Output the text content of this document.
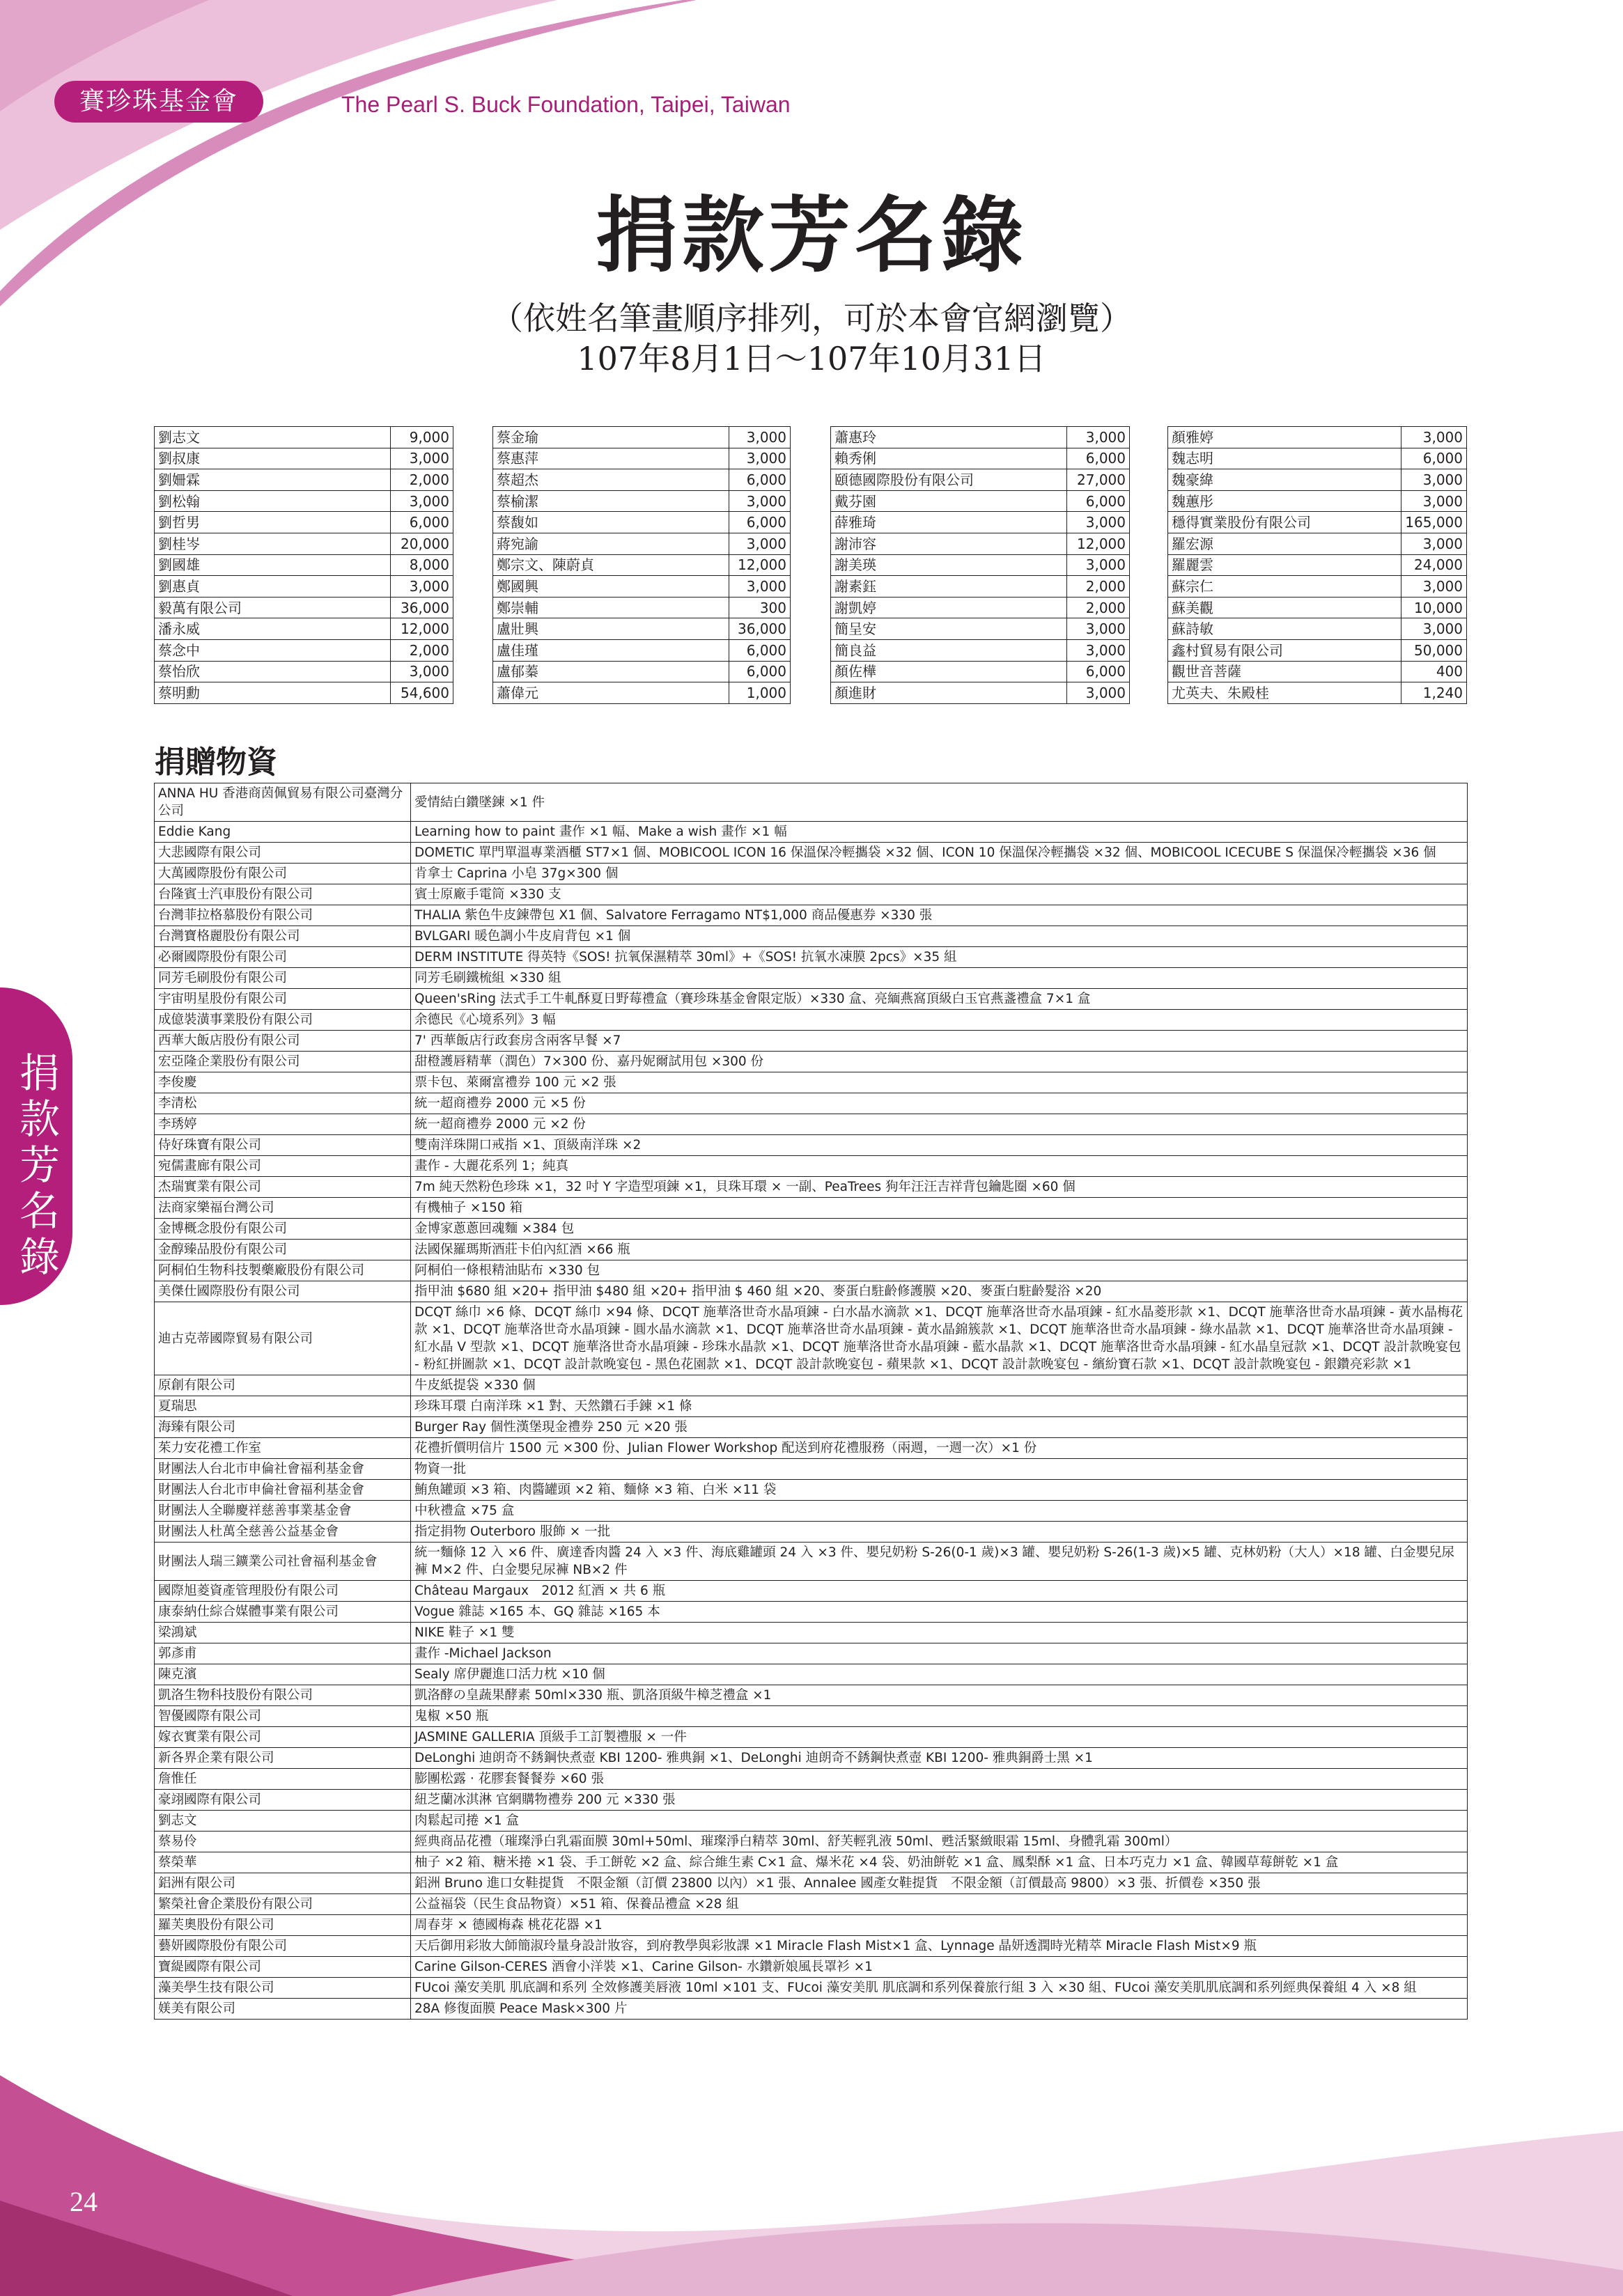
賽珍珠基金會	The Pearl S. Buck Foundation, Taipei, Taiwan
捐款芳名錄
（依姓名筆畫順序排列，可於本會官網瀏覽）
107年8月1日～107年10月31日
劉志文	9,000
劉叔康	3,000
劉姍霖	2,000
劉松翰	3,000
劉哲男	6,000
劉桂岑	20,000
劉國雄	8,000
劉惠貞	3,000
毅萬有限公司	36,000
潘永威	12,000
蔡念中	2,000
蔡怡欣	3,000
蔡明勳	54,600
蔡金瑜	3,000
蔡惠萍	3,000
蔡超杰	6,000
蔡榆潔	3,000
蔡馥如	6,000
蔣宛諭	3,000
鄭宗文、陳蔚貞	12,000
鄭國興	3,000
鄭崇輔	300
盧壯興	36,000
盧佳瑾	6,000
盧郁蓁	6,000
蕭偉元	1,000
蕭惠玲	3,000
賴秀俐	6,000
頤德國際股份有限公司	27,000
戴芬園	6,000
薛雅琦	3,000
謝沛容	12,000
謝美瑛	3,000
謝素鈺	2,000
謝凱婷	2,000
簡呈安	3,000
簡良益	3,000
顏佐樺	6,000
顏進財	3,000
顏雅婷	3,000
魏志明	6,000
魏豪緯	3,000
魏蕙彤	3,000
穩得實業股份有限公司	165,000
羅宏源	3,000
羅麗雲	24,000
蘇宗仁	3,000
蘇美觀	10,000
蘇詩敏	3,000
鑫村貿易有限公司	50,000
觀世音菩薩	400
尤英夫、朱殿桂	1,240
捐贈物資
ANNA HU 香港商茵佩貿易有限公司臺灣分公司	愛情結白鑽墜鍊 ×1 件
Eddie Kang	Learning how to paint 畫作 ×1 幅、Make a wish 畫作 ×1 幅
大悲國際有限公司	DOMETIC 單門單溫專業酒櫃 ST7×1 個、MOBICOOL ICON 16 保溫保冷輕攜袋 ×32 個、ICON 10 保溫保冷輕攜袋 ×32 個、MOBICOOL ICECUBE S 保溫保冷輕攜袋 ×36 個
大萬國際股份有限公司	肯拿士 Caprina 小皂 37g×300 個
台隆賓士汽車股份有限公司	賓士原廠手電筒 ×330 支
台灣菲拉格慕股份有限公司	THALIA 紫色牛皮鍊帶包 X1 個、Salvatore Ferragamo NT$1,000 商品優惠券 ×330 張
台灣寶格麗股份有限公司	BVLGARI 暖色調小牛皮肩背包 ×1 個
必爾國際股份有限公司	DERM INSTITUTE 得英特《SOS! 抗氧保濕精萃 30ml》+《SOS! 抗氧水凍膜 2pcs》×35 組
同芳毛刷股份有限公司	同芳毛刷鐵梳組 ×330 組
宇宙明星股份有限公司	Queen'sRing 法式手工牛軋酥夏日野莓禮盒（賽珍珠基金會限定版）×330 盒、亮緬燕窩頂級白玉官燕盞禮盒 7×1 盒
成億裝潢事業股份有限公司	余德民《心境系列》3 幅
西華大飯店股份有限公司	7' 西華飯店行政套房含兩客早餐 ×7
宏亞隆企業股份有限公司	甜橙護唇精華（潤色）7×300 份、嘉丹妮爾試用包 ×300 份
李俊慶	票卡包、萊爾富禮券 100 元 ×2 張
李清松	統一超商禮券 2000 元 ×5 份
李琇婷	統一超商禮券 2000 元 ×2 份
侍好珠寶有限公司	雙南洋珠開口戒指 ×1、頂級南洋珠 ×2
宛儒畫廊有限公司	畫作 - 大麗花系列 1；純真
杰瑞實業有限公司	7m 純天然粉色珍珠 ×1，32 吋 Y 字造型項鍊 ×1，貝珠耳環 × 一副、PeaTrees 狗年汪汪吉祥背包鑰匙圈 ×60 個
法商家樂福台灣公司	有機柚子 ×150 箱
金博概念股份有限公司	金博家蔥蔥回魂麵 ×384 包
金醇臻品股份有限公司	法國保羅瑪斯酒莊卡伯內紅酒 ×66 瓶
阿桐伯生物科技製藥廠股份有限公司	阿桐伯一條根精油貼布 ×330 包
美傑仕國際股份有限公司	指甲油 $680 組 ×20+ 指甲油 $480 組 ×20+ 指甲油 $ 460 組 ×20、麥蛋白駐齡修護膜 ×20、麥蛋白駐齡髮浴 ×20
迪古克蒂國際貿易有限公司	DCQT 絲巾 ×6 條、DCQT 絲巾 ×94 條、DCQT 施華洛世奇水晶項鍊 - 白水晶水滴款 ×1、DCQT 施華洛世奇水晶項鍊 - 紅水晶菱形款 ×1、DCQT 施華洛世奇水晶項鍊 - 黃水晶梅花款 ×1、DCQT 施華洛世奇水晶項鍊 - 圓水晶水滴款 ×1、DCQT 施華洛世奇水晶項鍊 - 黃水晶錦簇款 ×1、DCQT 施華洛世奇水晶項鍊 - 綠水晶款 ×1、DCQT 施華洛世奇水晶項鍊 - 紅水晶 V 型款 ×1、DCQT 施華洛世奇水晶項鍊 - 珍珠水晶款 ×1、DCQT 施華洛世奇水晶項鍊 - 藍水晶款 ×1、DCQT 施華洛世奇水晶項鍊 - 紅水晶皇冠款 ×1、DCQT 設計款晚宴包 - 粉紅拼圖款 ×1、DCQT 設計款晚宴包 - 黑色花園款 ×1、DCQT 設計款晚宴包 - 蘋果款 ×1、DCQT 設計款晚宴包 - 繽紛寶石款 ×1、DCQT 設計款晚宴包 - 銀鑽亮彩款 ×1
原創有限公司	牛皮紙提袋 ×330 個
夏瑞思	珍珠耳環 白南洋珠 ×1 對、天然鑽石手鍊 ×1 條
海臻有限公司	Burger Ray 個性漢堡現金禮券 250 元 ×20 張
茱力安花禮工作室	花禮折價明信片 1500 元 ×300 份、Julian Flower Workshop 配送到府花禮服務（兩週，一週一次）×1 份
財團法人台北市申倫社會福利基金會	物資一批
財團法人台北市申倫社會福利基金會	鮪魚罐頭 ×3 箱、肉醬罐頭 ×2 箱、麵條 ×3 箱、白米 ×11 袋
財團法人全聯慶祥慈善事業基金會	中秋禮盒 ×75 盒
財團法人杜萬全慈善公益基金會	指定捐物 Outerboro 服飾 × 一批
財團法人瑞三鑛業公司社會福利基金會	統一麵條 12 入 ×6 件、廣達香肉醬 24 入 ×3 件、海底雞罐頭 24 入 ×3 件、嬰兒奶粉 S-26(0-1 歲)×3 罐、嬰兒奶粉 S-26(1-3 歲)×5 罐、克林奶粉（大人）×18 罐、白金嬰兒尿褲 M×2 件、白金嬰兒尿褲 NB×2 件
國際旭菱資產管理股份有限公司	Château Margaux　2012 紅酒 × 共 6 瓶
康泰納仕綜合媒體事業有限公司	Vogue 雜誌 ×165 本、GQ 雜誌 ×165 本
梁鴻斌	NIKE 鞋子 ×1 雙
郭彥甫	畫作 -Michael Jackson
陳克濱	Sealy 席伊麗進口活力枕 ×10 個
凱洛生物科技股份有限公司	凱洛酵の皇蔬果酵素 50ml×330 瓶、凱洛頂級牛樟芝禮盒 ×1
智優國際有限公司	鬼椒 ×50 瓶
嫁衣實業有限公司	JASMINE GALLERIA 頂級手工訂製禮服 × 一件
新各界企業有限公司	DeLonghi 迪朗奇不銹鋼快煮壺 KBI 1200- 雅典銅 ×1、DeLonghi 迪朗奇不銹鋼快煮壺 KBI 1200- 雅典銅爵士黑 ×1
詹惟任	膨團松露 ‧ 花膠套餐餐券 ×60 張
豪翊國際有限公司	紐芝蘭冰淇淋 官網購物禮券 200 元 ×330 張
劉志文	肉鬆起司捲 ×1 盒
蔡易伶	經典商品花禮（璀璨淨白乳霜面膜 30ml+50ml、璀璨淨白精萃 30ml、舒芙輕乳液 50ml、甦活緊緻眼霜 15ml、身體乳霜 300ml）
蔡榮華	柚子 ×2 箱、糖米捲 ×1 袋、手工餅乾 ×2 盒、綜合維生素 C×1 盒、爆米花 ×4 袋、奶油餅乾 ×1 盒、鳳梨酥 ×1 盒、日本巧克力 ×1 盒、韓國草莓餅乾 ×1 盒
鋁洲有限公司	鋁洲 Bruno 進口女鞋提貨　不限金額（訂價 23800 以內）×1 張、Annalee 國產女鞋提貨　不限金額（訂價最高 9800）×3 張、折價卷 ×350 張
繁榮社會企業股份有限公司	公益福袋（民生食品物資）×51 箱、保養品禮盒 ×28 組
羅芙奧股份有限公司	周春芽 × 德國梅森 桃花花器 ×1
藝妍國際股份有限公司	天后御用彩妝大師簡淑玲量身設計妝容，到府教學與彩妝課 ×1 Miracle Flash Mist×1 盒、Lynnage 晶妍透潤時光精萃 Miracle Flash Mist×9 瓶
寶緹國際有限公司	Carine Gilson-CERES 酒會小洋裝 ×1、Carine Gilson- 水鑽新娘風長罩衫 ×1
藻美學生技有限公司	FUcoi 藻安美肌 肌底調和系列 全效修護美唇液 10ml ×101 支、FUcoi 藻安美肌 肌底調和系列保養旅行組 3 入 ×30 組、FUcoi 藻安美肌肌底調和系列經典保養組 4 入 ×8 組
媄美有限公司	28A 修復面膜 Peace Mask×300 片
捐
款
芳
名
錄
24
